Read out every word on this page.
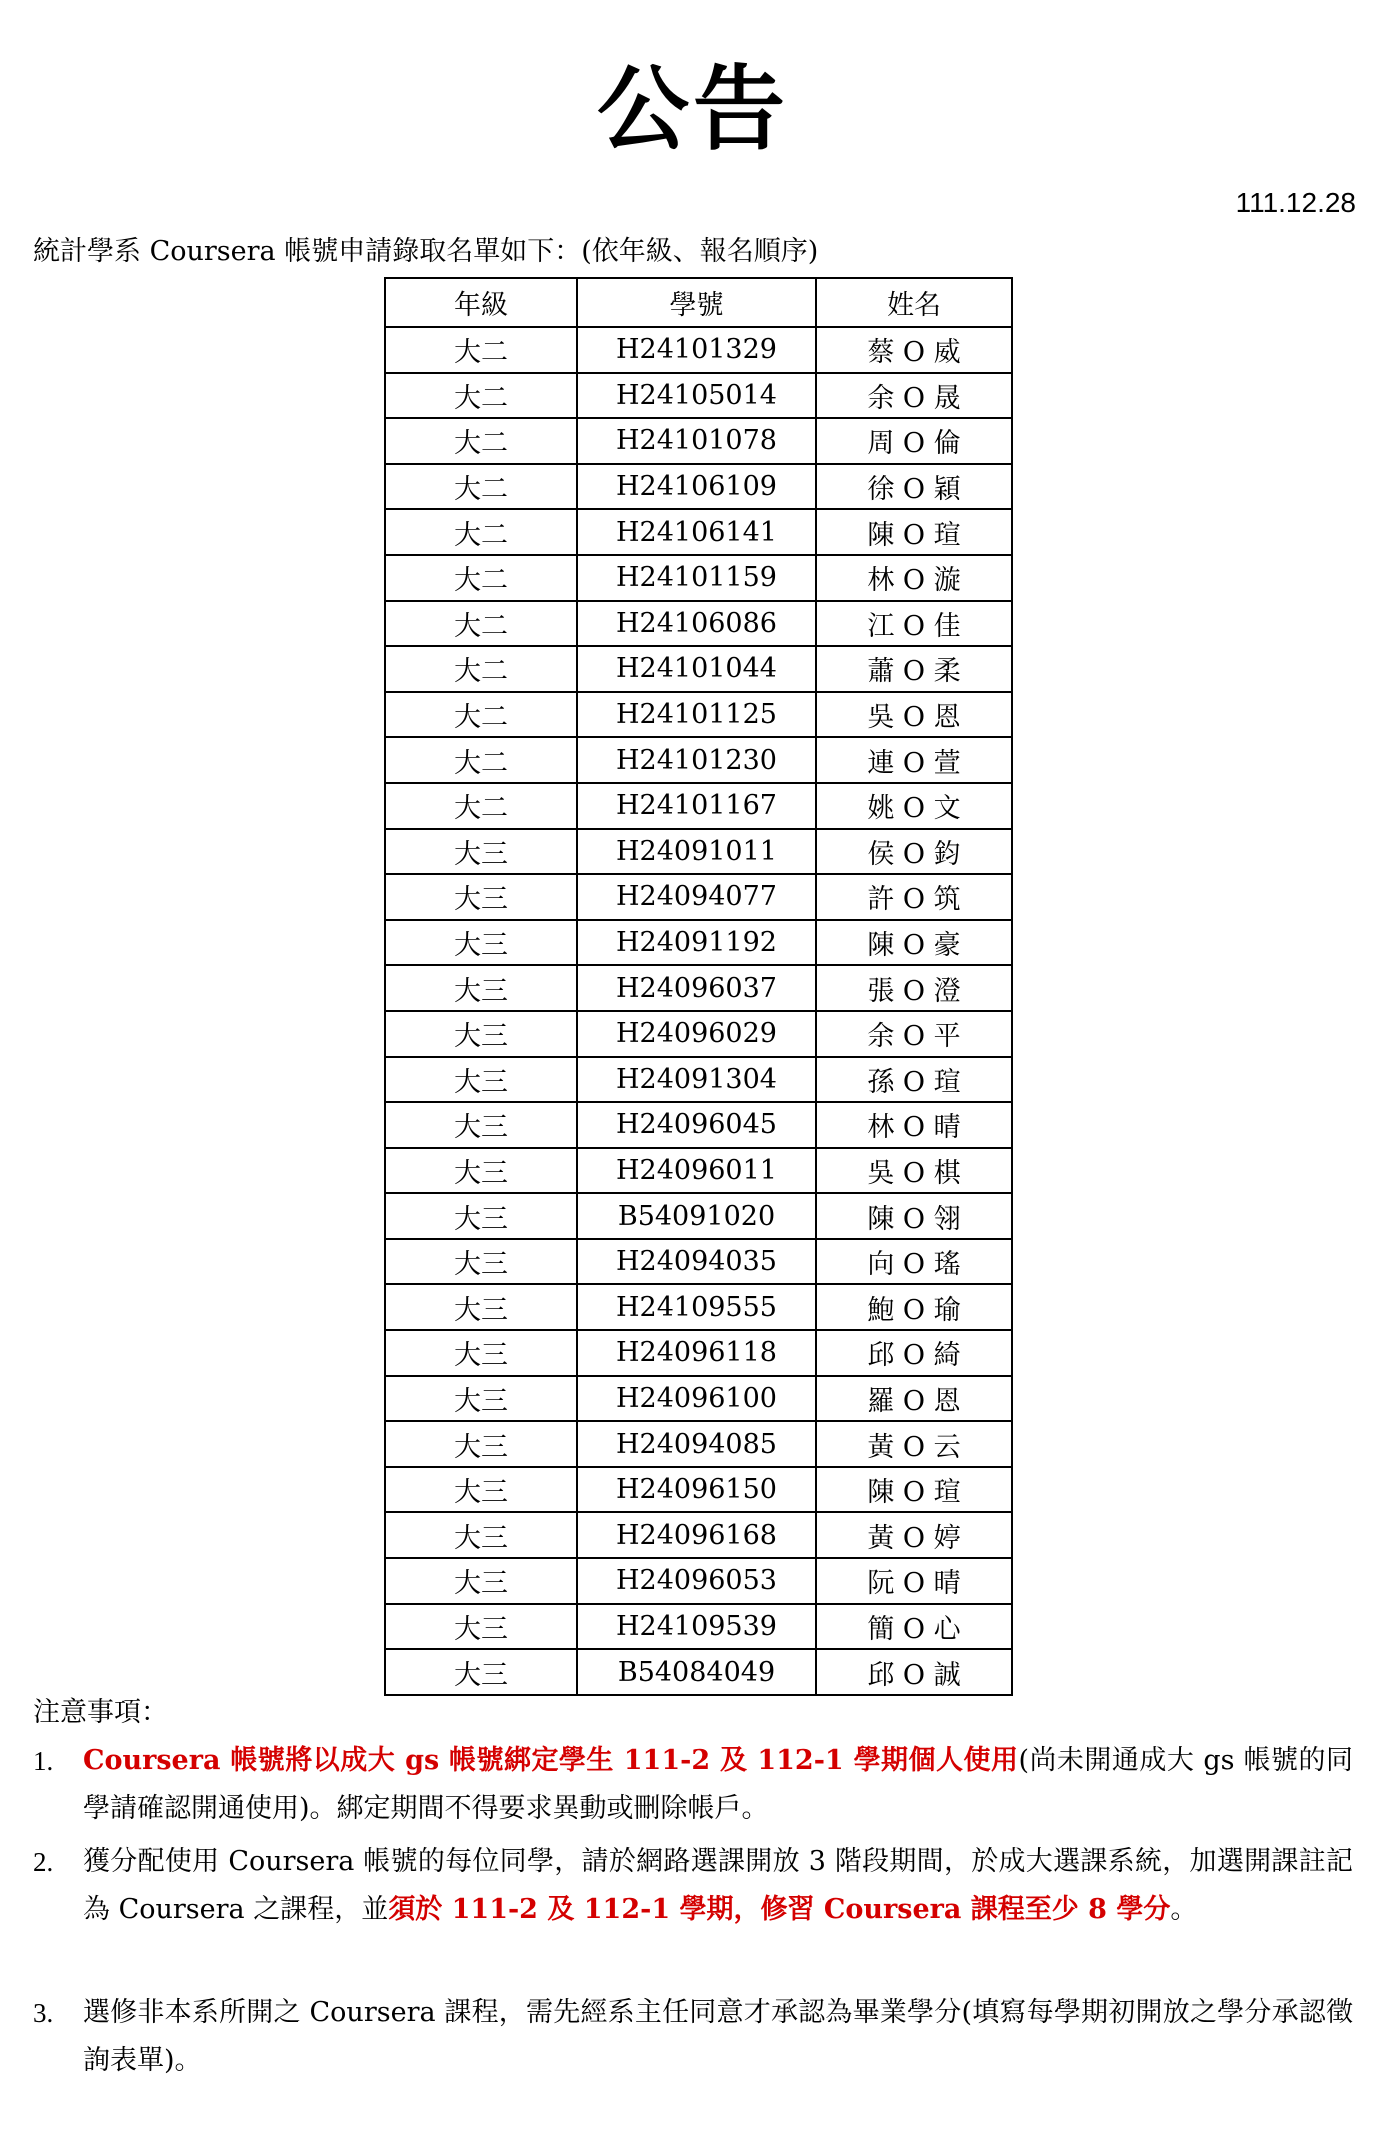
公告
111.12.28
統計學系 Coursera 帳號申請錄取名單如下：(依年級、報名順序)
年級	學號	姓名
大二	H24101329	蔡 O 威
大二	H24105014	余 O 晟
大二	H24101078	周 O 倫
大二	H24106109	徐 O 穎
大二	H24106141	陳 O 瑄
大二	H24101159	林 O 漩
大二	H24106086	江 O 佳
大二	H24101044	蕭 O 柔
大二	H24101125	吳 O 恩
大二	H24101230	連 O 萱
大二	H24101167	姚 O 文
大三	H24091011	侯 O 鈞
大三	H24094077	許 O 筑
大三	H24091192	陳 O 豪
大三	H24096037	張 O 澄
大三	H24096029	余 O 平
大三	H24091304	孫 O 瑄
大三	H24096045	林 O 晴
大三	H24096011	吳 O 棋
大三	B54091020	陳 O 翎
大三	H24094035	向 O 瑤
大三	H24109555	鮑 O 瑜
大三	H24096118	邱 O 綺
大三	H24096100	羅 O 恩
大三	H24094085	黃 O 云
大三	H24096150	陳 O 瑄
大三	H24096168	黃 O 婷
大三	H24096053	阮 O 晴
大三	H24109539	簡 O 心
大三	B54084049	邱 O 誠
注意事項：
1.	Coursera 帳號將以成大 gs 帳號綁定學生 111-2 及 112-1 學期個人使用(尚未開通成大 gs 帳號的同學請確認開通使用)。綁定期間不得要求異動或刪除帳戶。
2.	獲分配使用 Coursera 帳號的每位同學，請於網路選課開放 3 階段期間，於成大選課系統，加選開課註記為 Coursera 之課程，並須於 111-2 及 112-1 學期，修習 Coursera 課程至少 8 學分。
3.	選修非本系所開之 Coursera 課程，需先經系主任同意才承認為畢業學分(填寫每學期初開放之學分承認徵詢表單)。
